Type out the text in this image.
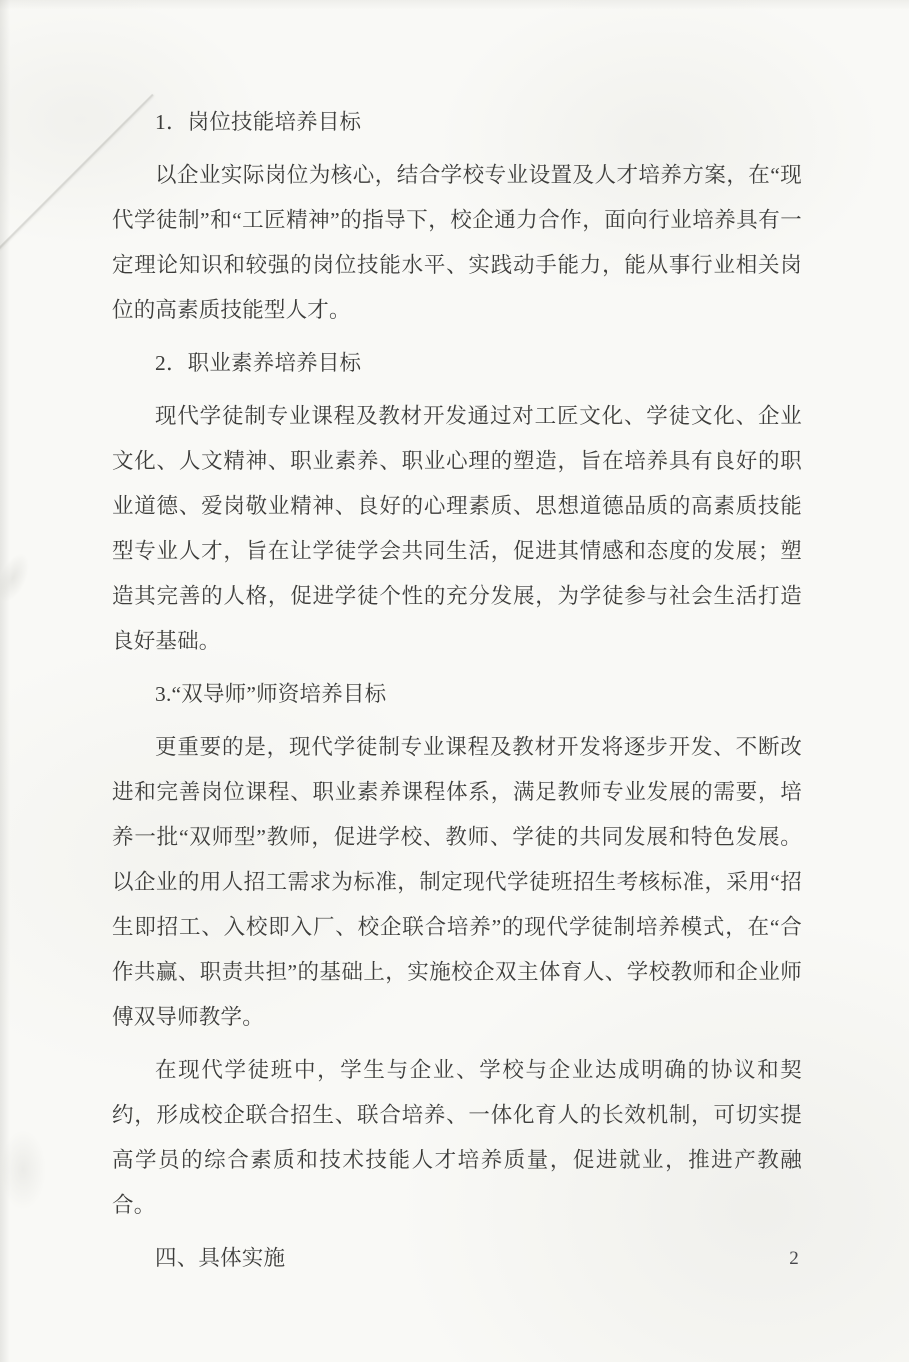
1．岗位技能培养目标

以企业实际岗位为核心，结合学校专业设置及人才培养方案，在“现代学徒制”和“工匠精神”的指导下，校企通力合作，面向行业培养具有一定理论知识和较强的岗位技能水平、实践动手能力，能从事行业相关岗位的高素质技能型人才。

2．职业素养培养目标

现代学徒制专业课程及教材开发通过对工匠文化、学徒文化、企业文化、人文精神、职业素养、职业心理的塑造，旨在培养具有良好的职业道德、爱岗敬业精神、良好的心理素质、思想道德品质的高素质技能型专业人才，旨在让学徒学会共同生活，促进其情感和态度的发展；塑造其完善的人格，促进学徒个性的充分发展，为学徒参与社会生活打造良好基础。

3.“双导师”师资培养目标

更重要的是，现代学徒制专业课程及教材开发将逐步开发、不断改进和完善岗位课程、职业素养课程体系，满足教师专业发展的需要，培养一批“双师型”教师，促进学校、教师、学徒的共同发展和特色发展。以企业的用人招工需求为标准，制定现代学徒班招生考核标准，采用“招生即招工、入校即入厂、校企联合培养”的现代学徒制培养模式，在“合作共赢、职责共担”的基础上，实施校企双主体育人、学校教师和企业师傅双导师教学。

在现代学徒班中，学生与企业、学校与企业达成明确的协议和契约，形成校企联合招生、联合培养、一体化育人的长效机制，可切实提高学员的综合素质和技术技能人才培养质量，促进就业，推进产教融合。

四、具体实施	2
